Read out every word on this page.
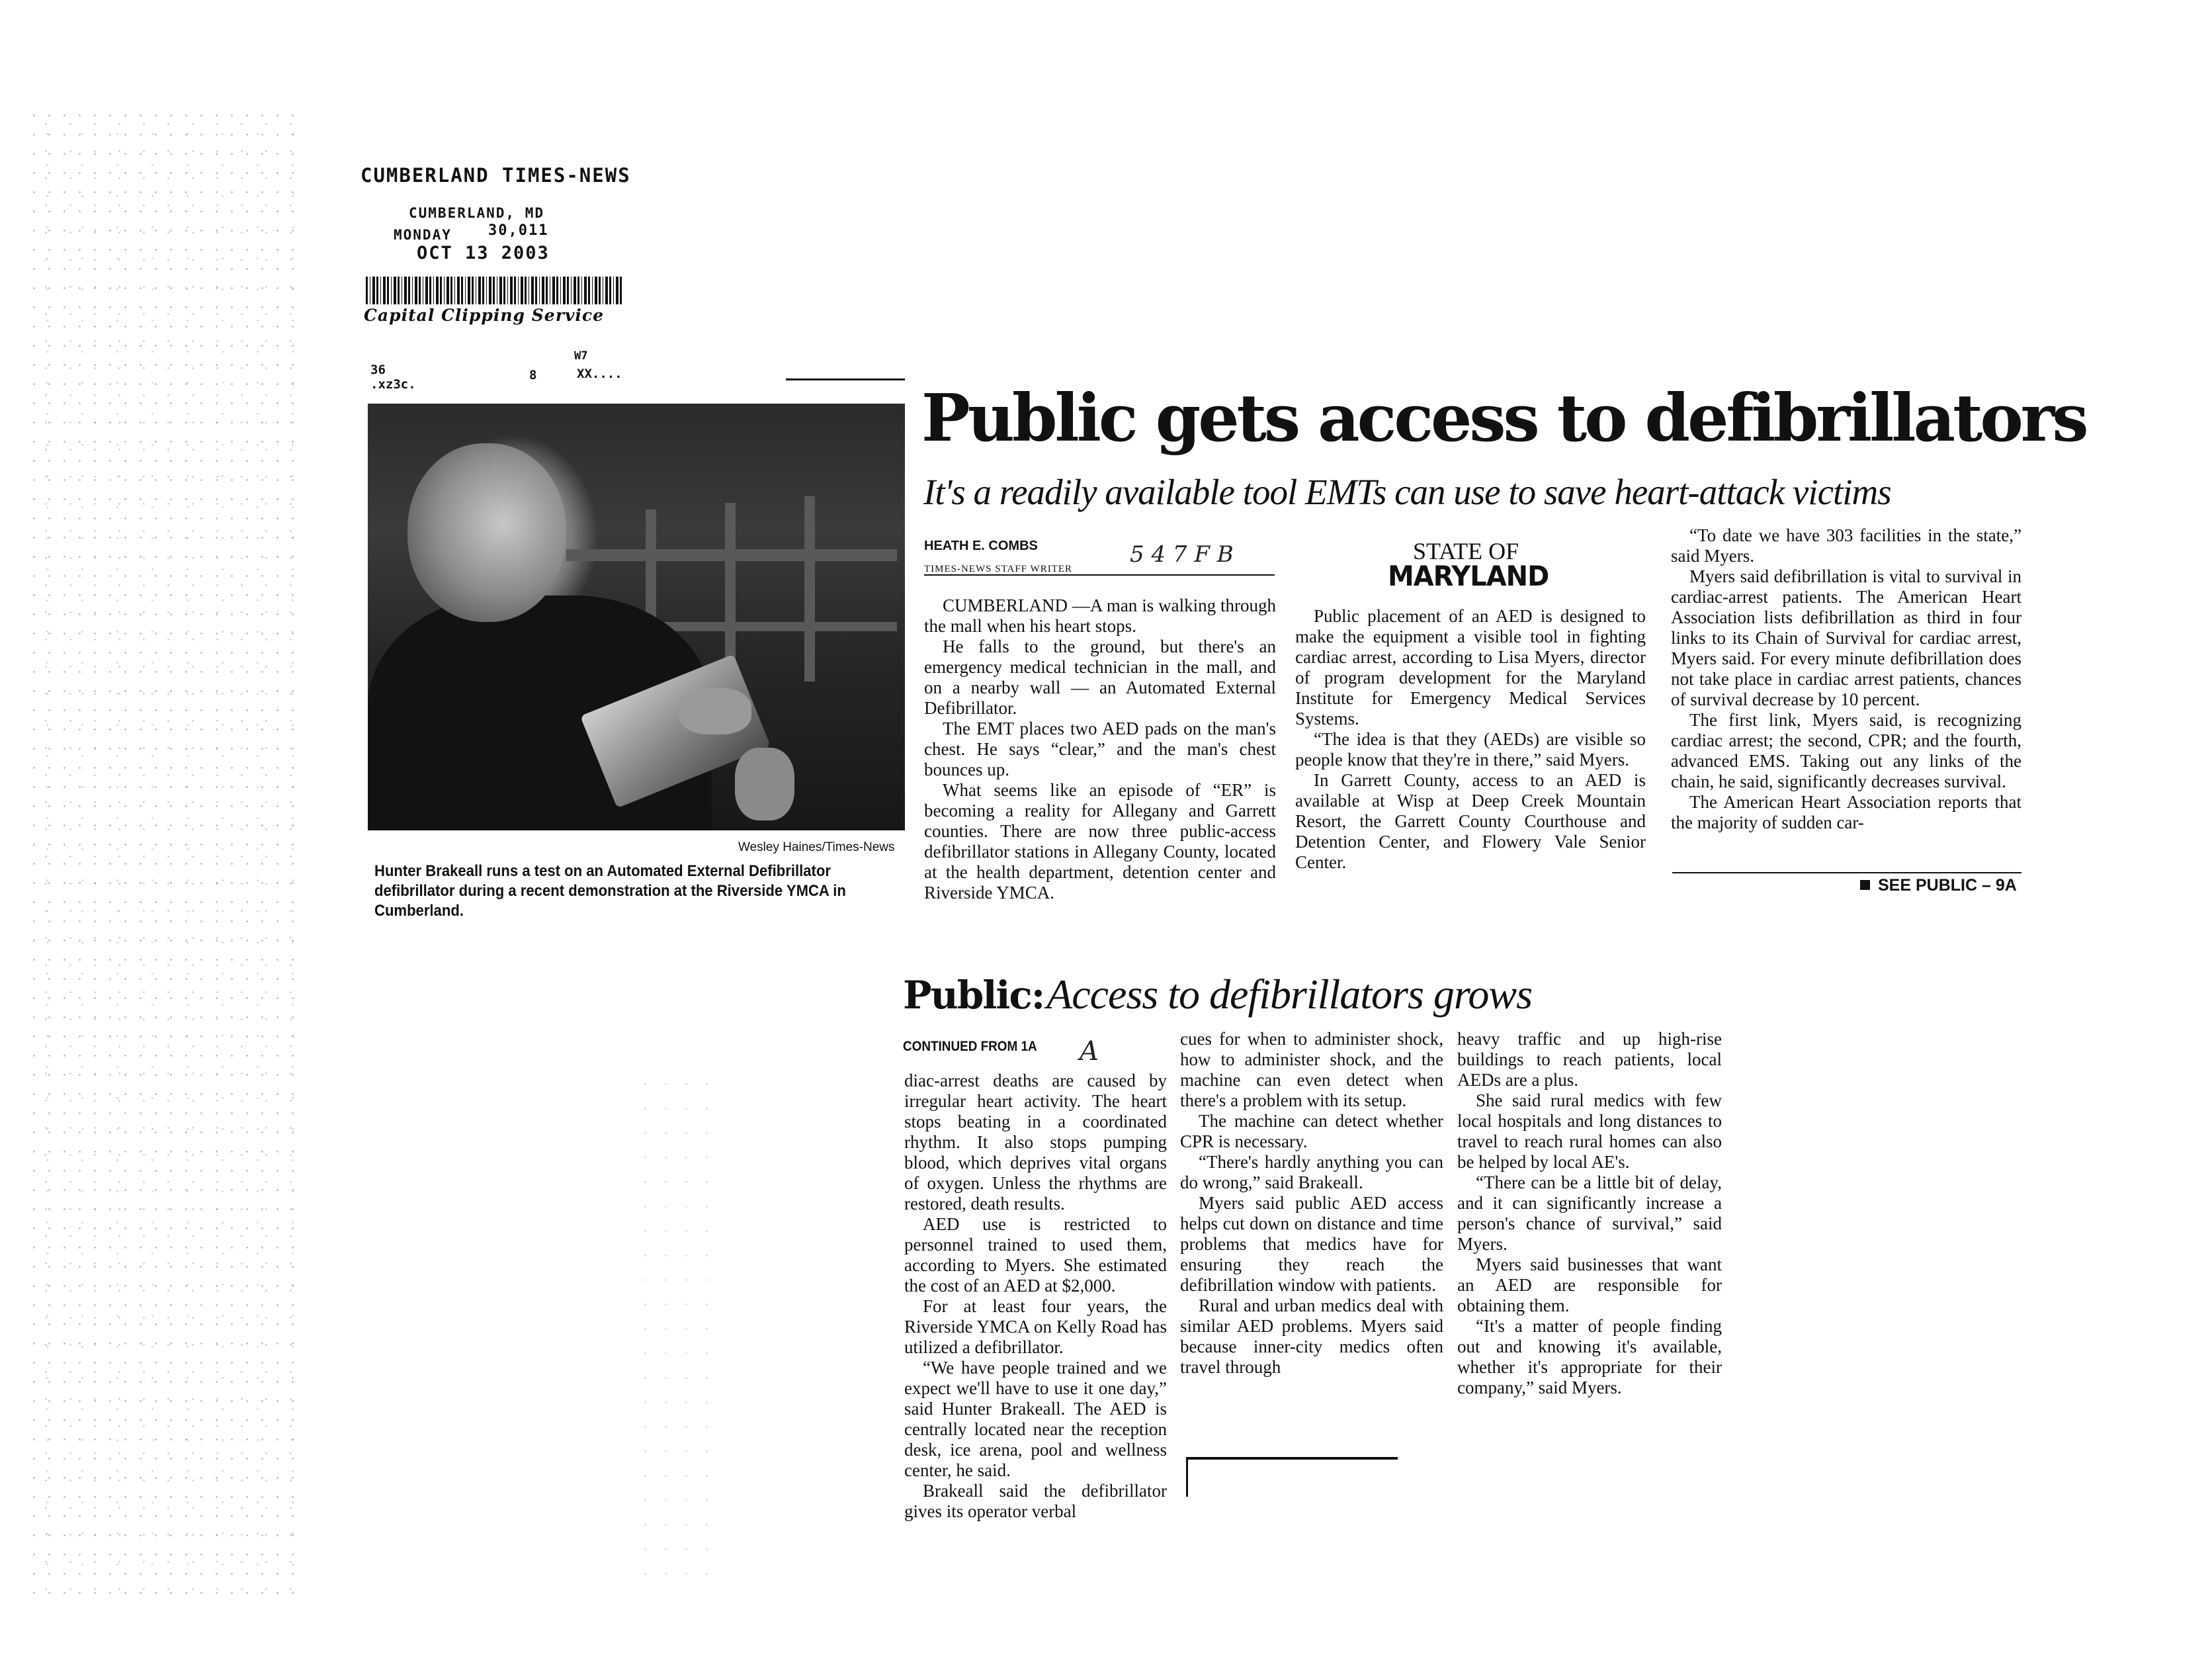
CUMBERLAND TIMES-NEWS
CUMBERLAND, MD
MONDAY	30,011
OCT 13 2003
Capital Clipping Service
36
.xz3c.
8
W7
XX....
Wesley Haines/Times-News
Hunter Brakeall runs a test on an Automated External Defibrillator defibrillator during a recent demonstration at the Riverside YMCA in Cumberland.
Public gets access to defibrillators
It's a readily available tool EMTs can use to save heart-attack victims
HEATH E. COMBS
TIMES-NEWS STAFF WRITER
5 4 7 F B

CUMBERLAND —A man is walking through the mall when his heart stops.

He falls to the ground, but there's an emergency medical technician in the mall, and on a nearby wall — an Automated External Defibrillator.

The EMT places two AED pads on the man's chest. He says “clear,” and the man's chest bounces up.

What seems like an episode of “ER” is becoming a reality for Allegany and Garrett counties. There are now three public-access defibrillator stations in Allegany County, located at the health department, detention center and Riverside YMCA.

STATE OF
MARYLAND

Public placement of an AED is designed to make the equipment a visible tool in fighting cardiac arrest, according to Lisa Myers, director of program development for the Maryland Institute for Emergency Medical Services Systems.

“The idea is that they (AEDs) are visible so people know that they're in there,” said Myers.

In Garrett County, access to an AED is available at Wisp at Deep Creek Mountain Resort, the Garrett County Courthouse and Detention Center, and Flowery Vale Senior Center.

“To date we have 303 facilities in the state,” said Myers.

Myers said defibrillation is vital to survival in cardiac-arrest patients. The American Heart Association lists defibrillation as third in four links to its Chain of Survival for cardiac arrest, Myers said. For every minute defibrillation does not take place in cardiac arrest patients, chances of survival decrease by 10 percent.

The first link, Myers said, is recognizing cardiac arrest; the second, CPR; and the fourth, advanced EMS. Taking out any links of the chain, he said, significantly decreases survival.

The American Heart Association reports that the majority of sudden car-

SEE PUBLIC – 9A
Public: Access to defibrillators grows
CONTINUED FROM 1A A

diac-arrest deaths are caused by irregular heart activity. The heart stops beating in a coordinated rhythm. It also stops pumping blood, which deprives vital organs of oxygen. Unless the rhythms are restored, death results.

AED use is restricted to personnel trained to used them, according to Myers. She estimated the cost of an AED at $2,000.

For at least four years, the Riverside YMCA on Kelly Road has utilized a defibrillator.

“We have people trained and we expect we'll have to use it one day,” said Hunter Brakeall. The AED is centrally located near the reception desk, ice arena, pool and wellness center, he said.

Brakeall said the defibrillator gives its operator verbal

cues for when to administer shock, how to administer shock, and the machine can even detect when there's a problem with its setup.

The machine can detect whether CPR is necessary.

“There's hardly anything you can do wrong,” said Brakeall.

Myers said public AED access helps cut down on distance and time problems that medics have for ensuring they reach the defibrillation window with patients.

Rural and urban medics deal with similar AED problems. Myers said because inner-city medics often travel through

heavy traffic and up high-rise buildings to reach patients, local AEDs are a plus.

She said rural medics with few local hospitals and long distances to travel to reach rural homes can also be helped by local AE's.

“There can be a little bit of delay, and it can significantly increase a person's chance of survival,” said Myers.

Myers said businesses that want an AED are responsible for obtaining them.

“It's a matter of people finding out and knowing it's available, whether it's appropriate for their company,” said Myers.
